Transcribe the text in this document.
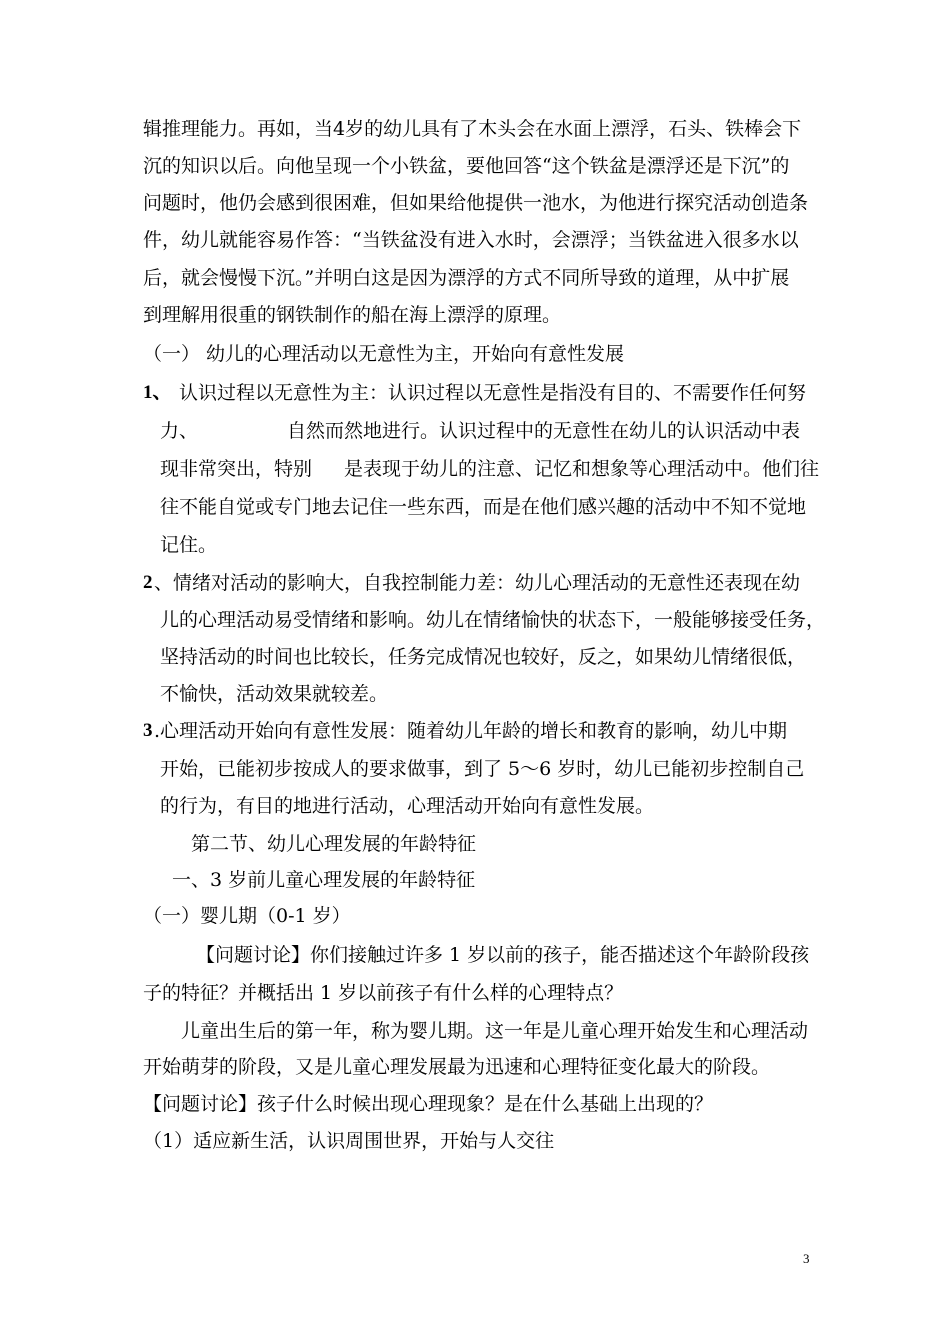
辑推理能力。再如，当4岁的幼儿具有了木头会在水面上漂浮，石头、铁棒会下
沉的知识以后。向他呈现一个小铁盆，要他回答“这个铁盆是漂浮还是下沉”的
问题时，他仍会感到很困难，但如果给他提供一池水，为他进行探究活动创造条
件，幼儿就能容易作答：“当铁盆没有进入水时，会漂浮；当铁盆进入很多水以
后，就会慢慢下沉。”并明白这是因为漂浮的方式不同所导致的道理，从中扩展
到理解用很重的钢铁制作的船在海上漂浮的原理。
（一） 幼儿的心理活动以无意性为主，开始向有意性发展
1、 认识过程以无意性为主：认识过程以无意性是指没有目的、不需要作任何努
力、	自然而然地进行。认识过程中的无意性在幼儿的认识活动中表
现非常突出，特别 是表现于幼儿的注意、记忆和想象等心理活动中。他们往
往不能自觉或专门地去记住一些东西，而是在他们感兴趣的活动中不知不觉地
记住。
2 、情绪对活动的影响大，自我控制能力差：幼儿心理活动的无意性还表现在幼
儿的心理活动易受情绪和影响。幼儿在情绪愉快的状态下，一般能够接受任务，
坚持活动的时间也比较长，任务完成情况也较好，反之，如果幼儿情绪很低，
不愉快，活动效果就较差。
3 .心理活动开始向有意性发展：随着幼儿年龄的增长和教育的影响，幼儿中期
开始，已能初步按成人的要求做事，到了 5～6 岁时，幼儿已能初步控制自己
的行为，有目的地进行活动，心理活动开始向有意性发展。
第二节、幼儿心理发展的年龄特征
一、3 岁前儿童心理发展的年龄特征
（一）婴儿期（0-1 岁）
【问题讨论】你们接触过许多 1 岁以前的孩子，能否描述这个年龄阶段孩
子的特征？并概括出 1 岁以前孩子有什么样的心理特点？
儿童出生后的第一年，称为婴儿期。这一年是儿童心理开始发生和心理活动
开始萌芽的阶段，又是儿童心理发展最为迅速和心理特征变化最大的阶段。
【问题讨论】孩子什么时候出现心理现象？是在什么基础上出现的？
（1）适应新生活，认识周围世界，开始与人交往
3
